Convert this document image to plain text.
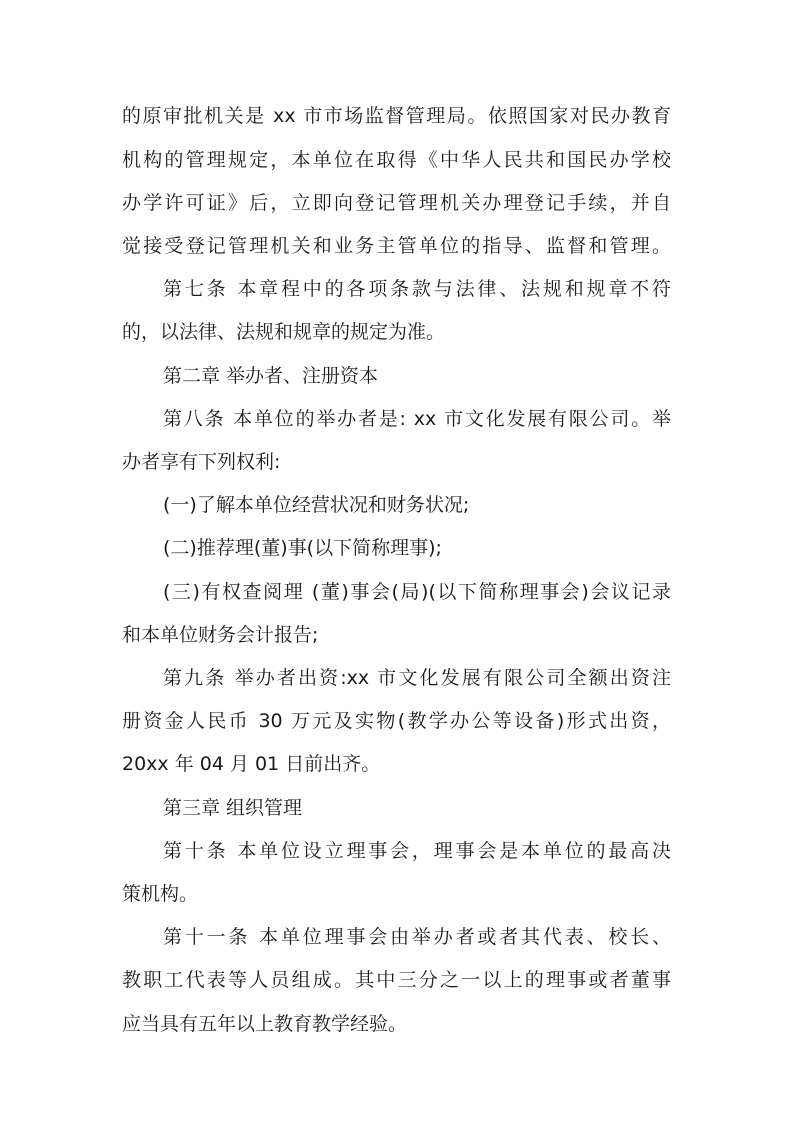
的原审批机关是 xx 市市场监督管理局。依照国家对民办教育
机构的管理规定，本单位在取得《中华人民共和国民办学校
办学许可证》后，立即向登记管理机关办理登记手续，并自
觉接受登记管理机关和业务主管单位的指导、监督和管理。
第七条 本章程中的各项条款与法律、法规和规章不符
的，以法律、法规和规章的规定为准。
第二章 举办者、注册资本
第八条 本单位的举办者是: xx 市文化发展有限公司。举
办者享有下列权利:
(一)了解本单位经营状况和财务状况;
(二)推荐理(董)事(以下简称理事);
(三)有权查阅理 (董)事会(局)(以下简称理事会)会议记录
和本单位财务会计报告;
第九条 举办者出资:xx 市文化发展有限公司全额出资注
册资金人民币 30 万元及实物(教学办公等设备)形式出资，
20xx 年 04 月 01 日前出齐。
第三章 组织管理
第十条 本单位设立理事会，理事会是本单位的最高决
策机构。
第十一条 本单位理事会由举办者或者其代表、校长、
教职工代表等人员组成。其中三分之一以上的理事或者董事
应当具有五年以上教育教学经验。
